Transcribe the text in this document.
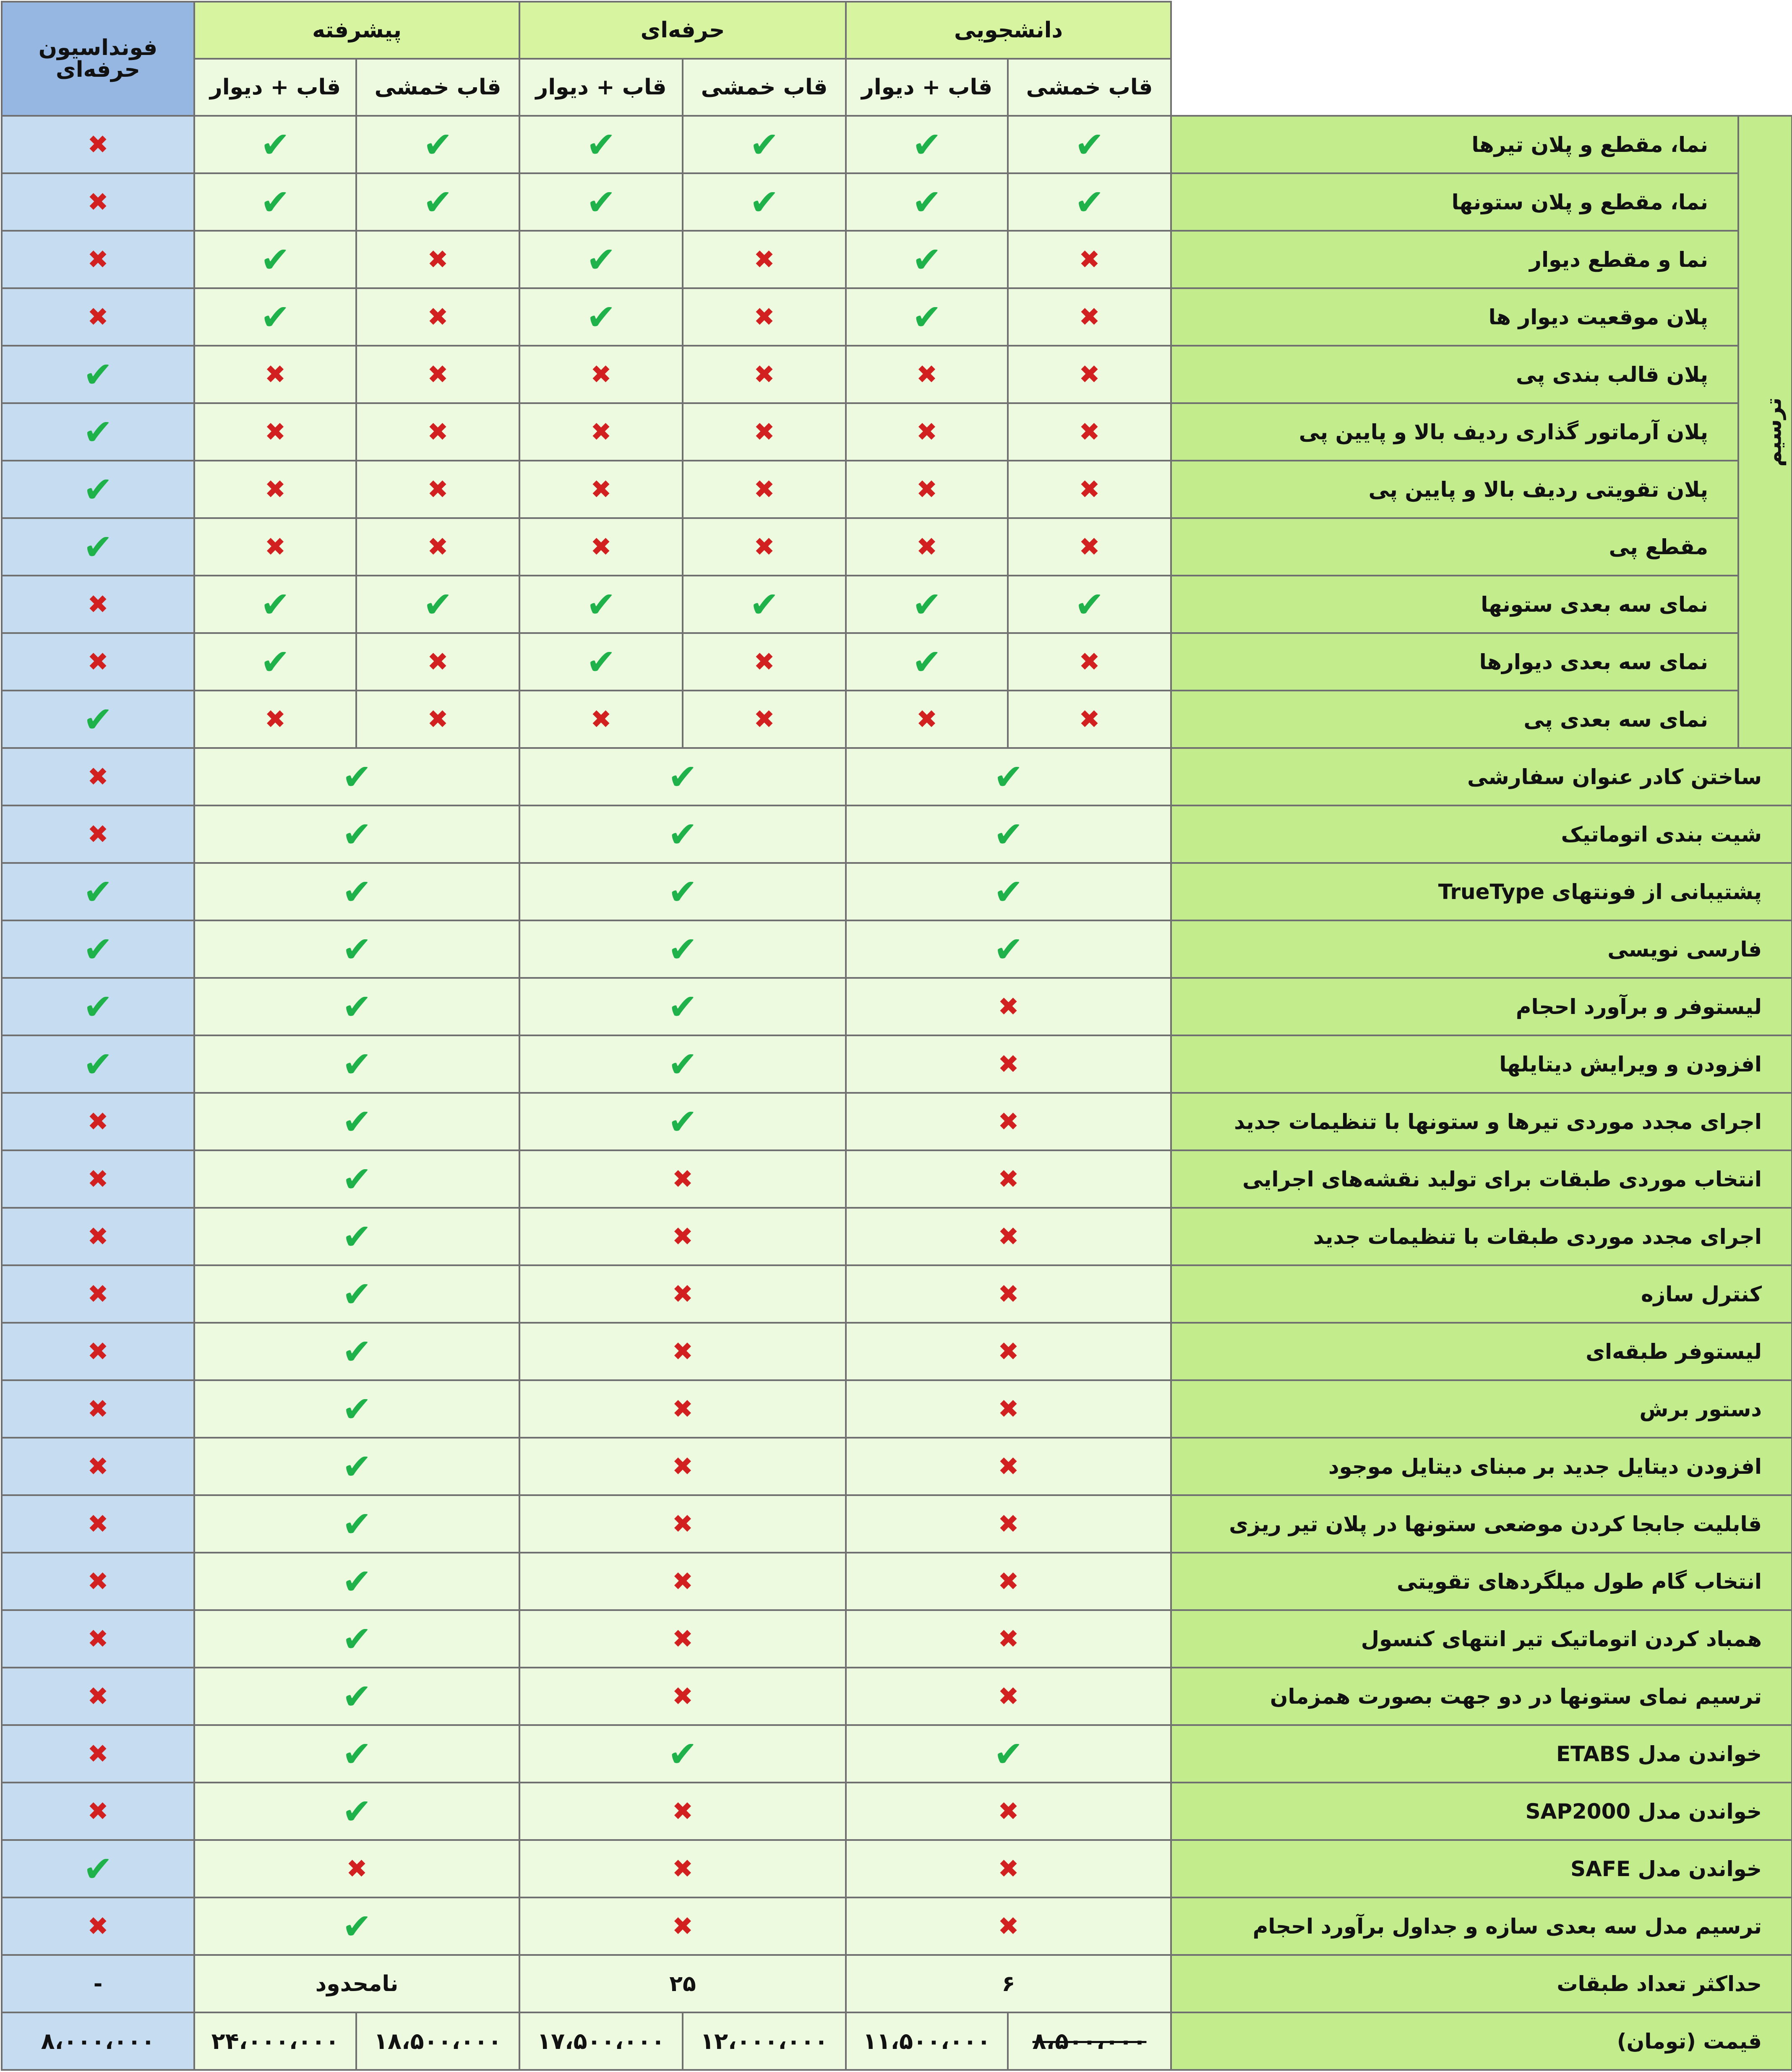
فونداسیون حرفه‌ای	پیشرفته		حرفه‌ای		دانشجویی			
	قاب + دیوار	قاب خمشی	قاب + دیوار	قاب خمشی	قاب + دیوار	قاب خمشی		
✖	✔	✔	✔	✔	✔	✔	نما، مقطع و پلان تیرها	ترسیم
✖	✔	✔	✔	✔	✔	✔	نما، مقطع و پلان ستونها	
✖	✔	✖	✔	✖	✔	✖	نما و مقطع دیوار	
✖	✔	✖	✔	✖	✔	✖	پلان موقعیت دیوار ها	
✔	✖	✖	✖	✖	✖	✖	پلان قالب بندی پی	
✔	✖	✖	✖	✖	✖	✖	پلان آرماتور گذاری ردیف بالا و پایین پی	
✔	✖	✖	✖	✖	✖	✖	پلان تقویتی ردیف بالا و پایین پی	
✔	✖	✖	✖	✖	✖	✖	مقطع پی	
✖	✔	✔	✔	✔	✔	✔	نمای سه بعدی ستونها	
✖	✔	✖	✔	✖	✔	✖	نمای سه بعدی دیوارها	
✔	✖	✖	✖	✖	✖	✖	نمای سه بعدی پی	
✖	✔		✔		✔		ساختن کادر عنوان سفارشی	
✖	✔		✔		✔		شیت بندی اتوماتیک	
✔	✔		✔		✔		پشتیبانی از فونتهای TrueType	
✔	✔		✔		✔		فارسی نویسی	
✔	✔		✔		✖		لیستوفر و برآورد احجام	
✔	✔		✔		✖		افزودن و ویرایش دیتایلها	
✖	✔		✔		✖		اجرای مجدد موردی تیرها و ستونها با تنظیمات جدید	
✖	✔		✖		✖		انتخاب موردی طبقات برای تولید نقشه‌های اجرایی	
✖	✔		✖		✖		اجرای مجدد موردی طبقات با تنظیمات جدید	
✖	✔		✖		✖		کنترل سازه	
✖	✔		✖		✖		لیستوفر طبقه‌ای	
✖	✔		✖		✖		دستور برش	
✖	✔		✖		✖		افزودن دیتایل جدید بر مبنای دیتایل موجود	
✖	✔		✖		✖		قابلیت جابجا کردن موضعی ستونها در پلان تیر ریزی	
✖	✔		✖		✖		انتخاب گام طول میلگردهای تقویتی	
✖	✔		✖		✖		همباد کردن اتوماتیک تیر انتهای کنسول	
✖	✔		✖		✖		ترسیم نمای ستونها در دو جهت بصورت همزمان	
✖	✔		✔		✔		خواندن مدل ETABS	
✖	✔		✖		✖		خواندن مدل SAP2000	
✔	✖		✖		✖		خواندن مدل SAFE	
✖	✔		✖		✖		ترسیم مدل سه بعدی سازه و جداول برآورد احجام	
-	نامحدود		۲۵		۶		حداکثر تعداد طبقات	
۸،۰۰۰،۰۰۰	۲۴،۰۰۰،۰۰۰	۱۸،۵۰۰،۰۰۰	۱۷،۵۰۰،۰۰۰	۱۲،۰۰۰،۰۰۰	۱۱،۵۰۰،۰۰۰	۸،۵۰۰،۰۰۰	قیمت (تومان)	
